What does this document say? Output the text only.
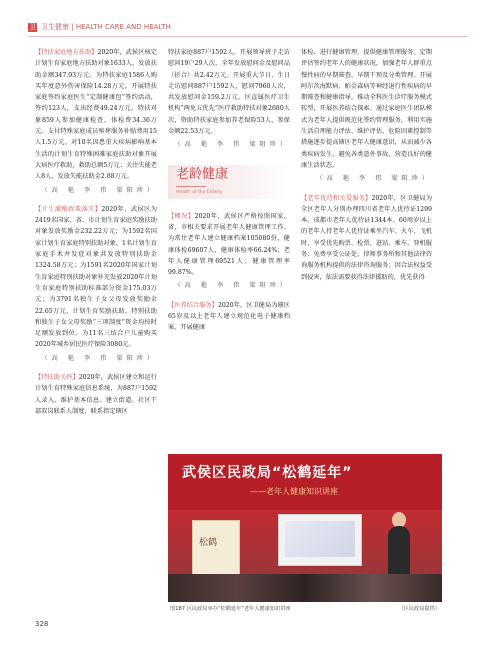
卫 卫生健康 | HEALTH CARE AND HEALTH

【特扶家庭地方扶助】2020年，武侯区核定计划生育家庭地方扶助对象1633人，发放扶助金额347.93万元。为特扶家庭1586人购买年度意外伤害保险14.28万元。开展特扶家庭签约家庭医生“定制健康包”签约活动，签约123人，支出经费49.24万元。特扶对象859人参加健康检查，体检费34.36万元。支付特殊家庭成员殡葬服务补贴费用15人1.5万元。对10名因患重大疾病影响基本生活的计划生育特殊困难家庭扶助对象开展大病医疗救助，救助总额5万元；关注失能老人8人，发放失能扶助金2.88万元。

（高 艳 李 伟 梁阳珍）

【计生激励政策落实】2020年，武侯区为2419名国家、省、市计划生育家庭奖励扶助对象发放奖励金232.22万元；为1592名国家计划生育家庭特别扶助对象、1名计划生育家庭手术并发症对象共发放特别扶助金1324.58万元；为1591名2020年国家计划生育家庭特别扶助对象补充发放2020年计划生育家庭特别扶助标准部分资金175.03万元；为3791名独生子女父母发放奖励金22.65万元，计划生育奖励扶助、特别扶助和独生子女父母奖励“三项制度”资金均按时足额发放到位。为11名三结合户儿童购买2020年城乡居民医疗保险3080元。

（高 艳 李 伟 梁阳珍）

【特扶助关怀】2020年，武侯区建立和运行计划生育特殊家庭信息系统，为887户1592人录入、维护基本信息。建立街道、社区干部双岗联系人制度，联系指定辖区

特扶家庭887户1592人。开展领导班子走访慰问19户29人次，全年发放慰问金及慰问品（折合）共2.42万元。开展重大节日、生日走访慰问887户1592人，慰问7960人次，共发放慰问金159.2万元。区直属医疗卫生机构“两免五优先”医疗救助特扶对象2680人次，资助特扶家庭参加养老保险53人，参保金额22.53万元。

（高 艳 李 伟 梁阳珍）
老龄健康
Health of the Elderly

【概况】2020年，武侯区严格按照国家、省、市相关要求开展老年人健康管理工作。为常住老年人建立健康档案105080份，健康体检69607人，健康体检率66.24%；老年人健康管理69521人、健康管理率99.87%。

（高 艳 李 伟 梁阳珍）

【医养结合服务】2020年，区卫健局为辖区65岁及以上老年人建立规范化电子健康档案、开展健康

体检、进行健康管理，提供健康管理服务。定期评估签约老年人的健康状况，加强老年人群重点慢性病的早期筛查、早期干预及分类管理。开展阿尔茨海默病、帕金森病等神经退行性疾病的早期筛查和健康指导。推动全科医生诊疗服务模式转型，开展医养结合探索。通过家庭医生团队模式为老年人提供规范化签约管理服务，利用实施生活自理能力评估、维护评估、危险因素控制等措施逐步提高辖区老年人健康意识，从而减少各类疾病发生，避免各类意外事故，营造良好的健康生活状态。

（高 艳 李 伟 梁阳珍）

【老年优待和关爱服务】2020年，区卫健局为全区老年人分别办理四川省老年人优待证1299本。成都市老年人优待证1344本。60周岁以上的老年人持老年人优待证乘坐汽车、火车、飞机时，享受优先购票、检票、进站、乘车、登机服务；免费享受公证处、律师事务所和其他法律咨询服务机构提供的法律咨询服务；因合法权益受到侵害，依法需要获得法律援助的，优先获得

武侯区民政局“松鹤延年”
——老年人健康知识讲座
松鹤
图187 区民政局举办“松鹤延年”老年人健康知识讲座	（区民政局提供）
328
